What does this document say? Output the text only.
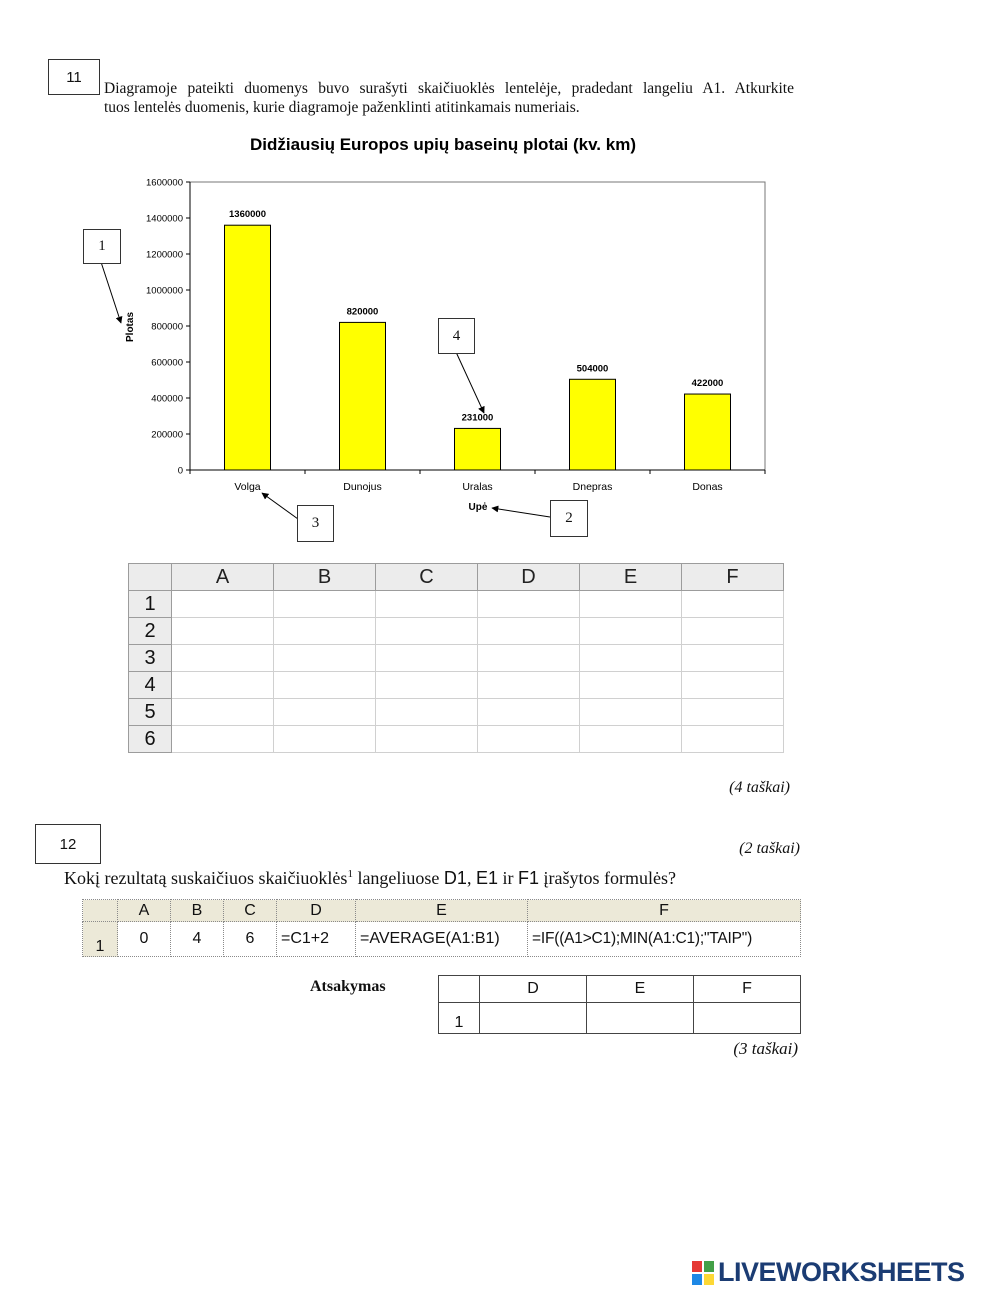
11
Diagramoje pateikti duomenys buvo surašyti skaičiuoklės lentelėje, pradedant langeliu A1. Atkurkite
tuos lentelės duomenis, kurie diagramoje paženklinti atitinkamais numeriais.
Didžiausių Europos upių baseinų plotai (kv. km)
Plotas
Upė
0
200000
400000
600000
800000
1000000
1200000
1400000
1600000
1360000
Volga
820000
Dunojus
231000
Uralas
504000
Dnepras
422000
Donas
1
2
3
4
	A	B	C	D	E	F
1						
2						
3						
4						
5						
6						
(4 taškai)
12	(2 taškai)
Kokį rezultatą suskaičiuos skaičiuoklės$^1$ langeliuose D1, E1 ir F1 įrašytos formulės?
	A	B	C	D	E	F
1	0	4	6	=C1+2	=AVERAGE(A1:B1)	=IF((A1>C1);MIN(A1:C1);"TAIP")
Atsakymas
		D	E	F
1			
(3 taškai)
LIVEWORKSHEETS
